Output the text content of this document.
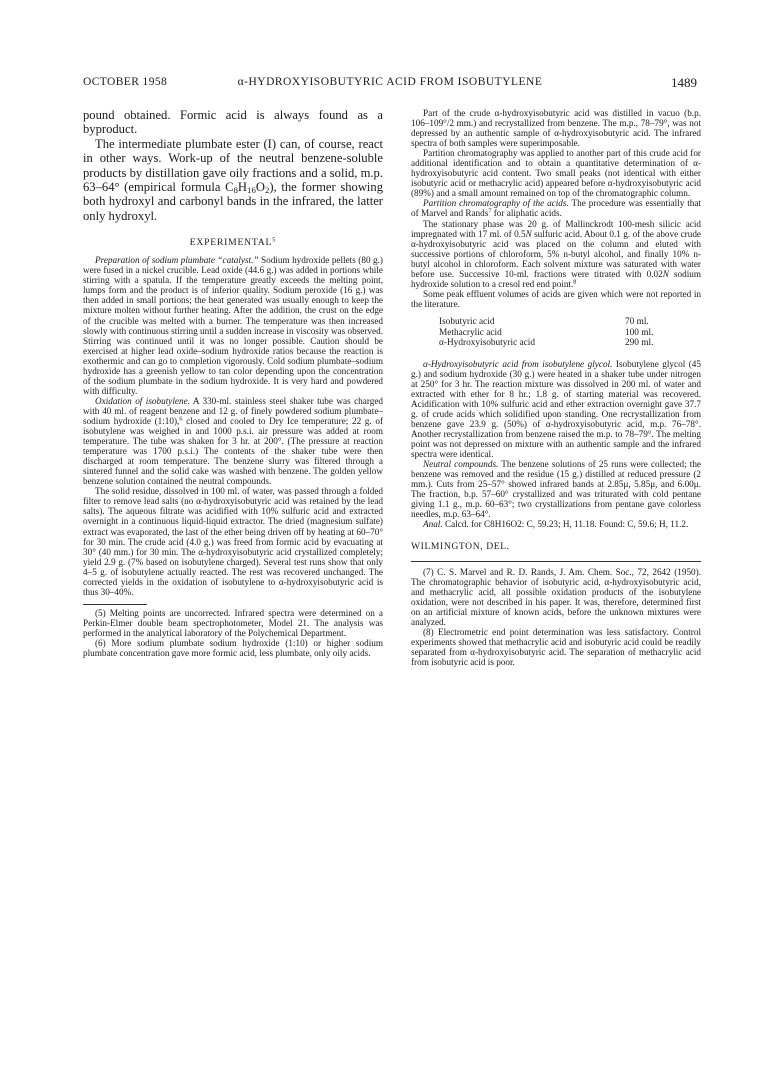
OCTOBER 1958	α-HYDROXYISOBUTYRIC ACID FROM ISOBUTYLENE	1489

pound obtained. Formic acid is always found as a byproduct.

The intermediate plumbate ester (I) can, of course, react in other ways. Work-up of the neutral benzene-soluble products by distillation gave oily fractions and a solid, m.p. 63–64° (empirical formula $C_8H_{16}O_2$), the former showing both hydroxyl and carbonyl bands in the infrared, the latter only hydroxyl.

EXPERIMENTAL$^5$

Preparation of sodium plumbate “catalyst.” Sodium hydroxide pellets (80 g.) were fused in a nickel crucible. Lead oxide (44.6 g.) was added in portions while stirring with a spatula. If the temperature greatly exceeds the melting point, lumps form and the product is of inferior quality. Sodium peroxide (16 g.) was then added in small portions; the heat generated was usually enough to keep the mixture molten without further heating. After the addition, the crust on the edge of the crucible was melted with a burner. The temperature was then increased slowly with continuous stirring until a sudden increase in viscosity was observed. Stirring was continued until it was no longer possible. Caution should be exercised at higher lead oxide–sodium hydroxide ratios because the reaction is exothermic and can go to completion vigorously. Cold sodium plumbate–sodium hydroxide has a greenish yellow to tan color depending upon the concentration of the sodium plumbate in the sodium hydroxide. It is very hard and powdered with difficulty.

Oxidation of isobutylene. A 330-ml. stainless steel shaker tube was charged with 40 ml. of reagent benzene and 12 g. of finely powdered sodium plumbate–sodium hydroxide (1:10),$^6$ closed and cooled to Dry Ice temperature; 22 g. of isobutylene was weighed in and 1000 p.s.i. air pressure was added at room temperature. The tube was shaken for 3 hr. at 200°. (The pressure at reaction temperature was 1700 p.s.i.) The contents of the shaker tube were then discharged at room temperature. The benzene slurry was filtered through a sintered funnel and the solid cake was washed with benzene. The golden yellow benzene solution contained the neutral compounds.

The solid residue, dissolved in 100 ml. of water, was passed through a folded filter to remove lead salts (no α-hydroxyisobutyric acid was retained by the lead salts). The aqueous filtrate was acidified with 10% sulfuric acid and extracted overnight in a continuous liquid-liquid extractor. The dried (magnesium sulfate) extract was evaporated, the last of the ether being driven off by heating at 60–70° for 30 min. The crude acid (4.0 g.) was freed from formic acid by evacuating at 30° (40 mm.) for 30 min. The α-hydroxyisobutyric acid crystallized completely; yield 2.9 g. (7% based on isobutylene charged). Several test runs show that only 4–5 g. of isobutylene actually reacted. The rest was recovered unchanged. The corrected yields in the oxidation of isobutylene to α-hydroxyisobutyric acid is thus 30–40%.

(5) Melting points are uncorrected. Infrared spectra were determined on a Perkin-Elmer double beam spectrophotometer, Model 21. The analysis was performed in the analytical laboratory of the Polychemical Department.

(6) More sodium plumbate sodium hydroxide (1:10) or higher sodium plumbate concentration gave more formic acid, less plumbate, only oily acids.

Part of the crude α-hydroxyisobutyric acid was distilled in vacuo (b.p. 106–109°/2 mm.) and recrystallized from benzene. The m.p., 78–79°, was not depressed by an authentic sample of α-hydroxyisobutyric acid. The infrared spectra of both samples were superimposable.

Partition chromatography was applied to another part of this crude acid for additional identification and to obtain a quantitative determination of α-hydroxyisobutyric acid content. Two small peaks (not identical with either isobutyric acid or methacrylic acid) appeared before α-hydroxyisobutyric acid (89%) and a small amount remained on top of the chromatographic column.

Partition chromatography of the acids. The procedure was essentially that of Marvel and Rands$^7$ for aliphatic acids.

The stationary phase was 20 g. of Mallinckrodt 100-mesh silicic acid impregnated with 17 ml. of 0.5N sulfuric acid. About 0.1 g. of the above crude α-hydroxyisobutyric acid was placed on the column and eluted with successive portions of chloroform, 5% n-butyl alcohol, and finally 10% n-butyl alcohol in chloroform. Each solvent mixture was saturated with water before use. Successive 10-ml. fractions were titrated with 0.02N sodium hydroxide solution to a cresol red end point.$^8$

Some peak effluent volumes of acids are given which were not reported in the literature.

Isobutyric acid	70 ml.
Methacrylic acid	100 ml.
α-Hydroxyisobutyric acid	290 ml.

α-Hydroxyisobutyric acid from isobutylene glycol. Isobutylene glycol (45 g.) and sodium hydroxide (30 g.) were heated in a shaker tube under nitrogen at 250° for 3 hr. The reaction mixture was dissolved in 200 ml. of water and extracted with ether for 8 hr.; 1.8 g. of starting material was recovered. Acidification with 10% sulfuric acid and ether extraction overnight gave 37.7 g. of crude acids which solidified upon standing. One recrystallization from benzene gave 23.9 g. (50%) of α-hydroxyisobutyric acid, m.p. 76–78°. Another recrystallization from benzene raised the m.p. to 78–79°. The melting point was not depressed on mixture with an authentic sample and the infrared spectra were identical.

Neutral compounds. The benzene solutions of 25 runs were collected; the benzene was removed and the residue (15 g.) distilled at reduced pressure (2 mm.). Cuts from 25–57° showed infrared bands at 2.85μ, 5.85μ, and 6.00μ. The fraction, b.p. 57–60° crystallized and was triturated with cold pentane giving 1.1 g., m.p. 60–63°; two crystallizations from pentane gave colorless needles, m.p. 63–64°.

Anal. Calcd. for C8H16O2: C, 59.23; H, 11.18. Found: C, 59.6; H, 11.2.

WILMINGTON, DEL.

(7) C. S. Marvel and R. D. Rands, J. Am. Chem. Soc., 72, 2642 (1950). The chromatographic behavior of isobutyric acid, α-hydroxyisobutyric acid, and methacrylic acid, all possible oxidation products of the isobutylene oxidation, were not described in his paper. It was, therefore, determined first on an artificial mixture of known acids, before the unknown mixtures were analyzed.

(8) Electrometric end point determination was less satisfactory. Control experiments showed that methacrylic acid and isobutyric acid could be readily separated from α-hydroxyisobutyric acid. The separation of methacrylic acid from isobutyric acid is poor.
